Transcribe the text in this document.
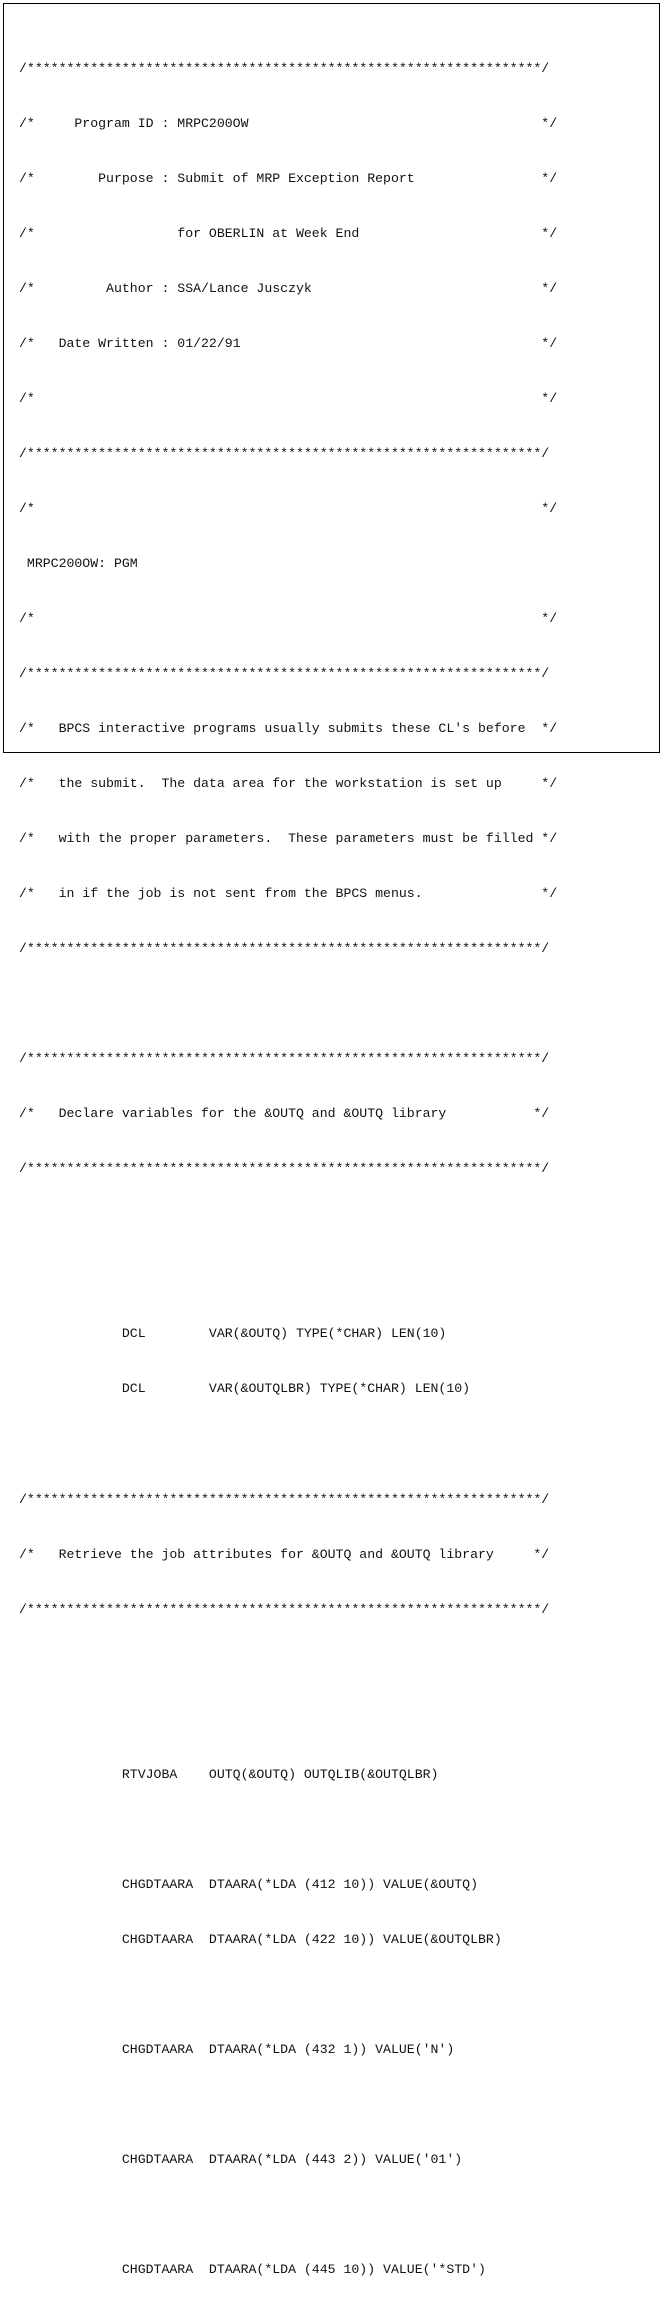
/*****************************************************************/

/*     Program ID : MRPC200OW                                     */

/*        Purpose : Submit of MRP Exception Report                */

/*                  for OBERLIN at Week End                       */

/*         Author : SSA/Lance Jusczyk                             */

/*   Date Written : 01/22/91                                      */

/*                                                                */

/*****************************************************************/

/*                                                                */

MRPC200OW: PGM

/*                                                                */

/*****************************************************************/

/*   BPCS interactive programs usually submits these CL's before  */

/*   the submit.  The data area for the workstation is set up     */

/*   with the proper parameters.  These parameters must be filled */

/*   in if the job is not sent from the BPCS menus.               */

/*****************************************************************/

/*****************************************************************/

/*   Declare variables for the &OUTQ and &OUTQ library           */

/*****************************************************************/

DCL        VAR(&OUTQ) TYPE(*CHAR) LEN(10)

DCL        VAR(&OUTQLBR) TYPE(*CHAR) LEN(10)

/*****************************************************************/

/*   Retrieve the job attributes for &OUTQ and &OUTQ library     */

/*****************************************************************/

RTVJOBA    OUTQ(&OUTQ) OUTQLIB(&OUTQLBR)

CHGDTAARA  DTAARA(*LDA (412 10)) VALUE(&OUTQ)

CHGDTAARA  DTAARA(*LDA (422 10)) VALUE(&OUTQLBR)

CHGDTAARA  DTAARA(*LDA (432 1)) VALUE('N')

CHGDTAARA  DTAARA(*LDA (443 2)) VALUE('01')

CHGDTAARA  DTAARA(*LDA (445 10)) VALUE('*STD')
